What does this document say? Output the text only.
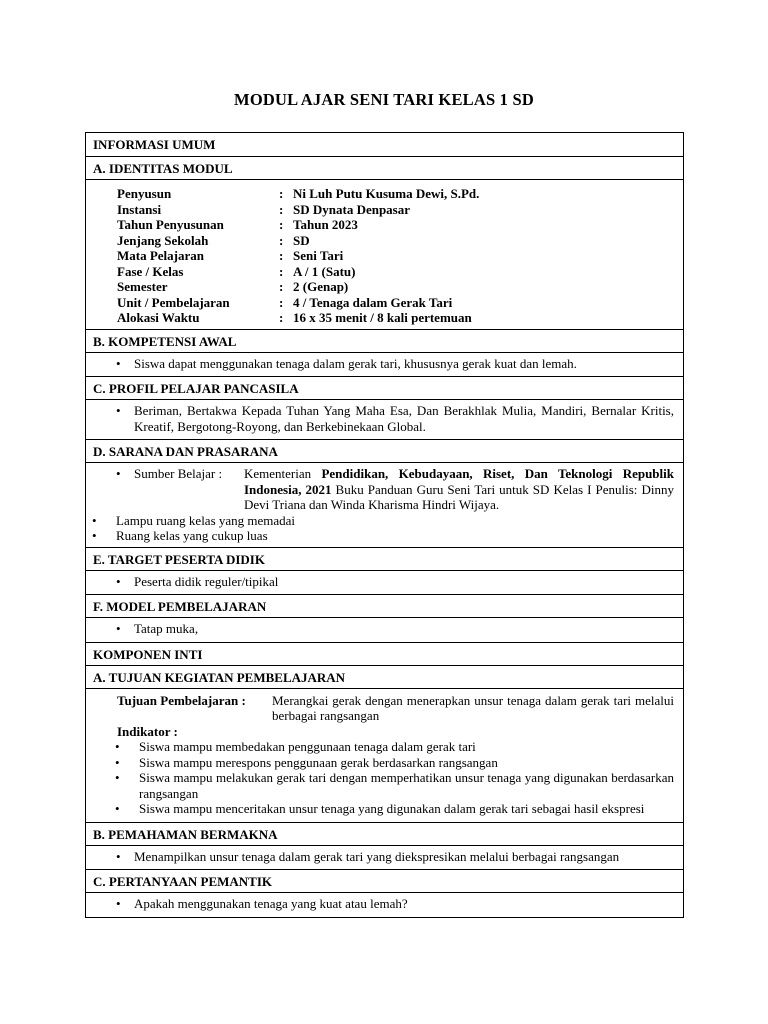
MODUL AJAR SENI TARI KELAS 1 SD
INFORMASI UMUM
A. IDENTITAS MODUL
Penyusun	: Ni Luh Putu Kusuma Dewi, S.Pd.
Instansi	: SD Dynata Denpasar
Tahun Penyusunan	: Tahun 2023
Jenjang Sekolah	: SD
Mata Pelajaran	: Seni Tari
Fase / Kelas	: A / 1 (Satu)
Semester	: 2 (Genap)
Unit / Pembelajaran	: 4 / Tenaga dalam Gerak Tari
Alokasi Waktu	: 16 x 35 menit / 8 kali pertemuan
B. KOMPETENSI AWAL
• Siswa dapat menggunakan tenaga dalam gerak tari, khususnya gerak kuat dan lemah.
C. PROFIL PELAJAR PANCASILA
• Beriman, Bertakwa Kepada Tuhan Yang Maha Esa, Dan Berakhlak Mulia, Mandiri, Bernalar Kritis, Kreatif, Bergotong-Royong, dan Berkebinekaan Global.
D. SARANA DAN PRASARANA
• Sumber Belajar :	Kementerian Pendidikan, Kebudayaan, Riset, Dan Teknologi Republik Indonesia, 2021 Buku Panduan Guru Seni Tari untuk SD Kelas I Penulis: Dinny Devi Triana dan Winda Kharisma Hindri Wijaya.
• Lampu ruang kelas yang memadai
• Ruang kelas yang cukup luas
E. TARGET PESERTA DIDIK
• Peserta didik reguler/tipikal
F. MODEL PEMBELAJARAN
• Tatap muka,
KOMPONEN INTI
A. TUJUAN KEGIATAN PEMBELAJARAN
Tujuan Pembelajaran :	Merangkai gerak dengan menerapkan unsur tenaga dalam gerak tari melalui berbagai rangsangan
Indikator :
• Siswa mampu membedakan penggunaan tenaga dalam gerak tari
• Siswa mampu merespons penggunaan gerak berdasarkan rangsangan
• Siswa mampu melakukan gerak tari dengan memperhatikan unsur tenaga yang digunakan berdasarkan rangsangan
• Siswa mampu menceritakan unsur tenaga yang digunakan dalam gerak tari sebagai hasil ekspresi
B. PEMAHAMAN BERMAKNA
• Menampilkan unsur tenaga dalam gerak tari yang diekspresikan melalui berbagai rangsangan
C. PERTANYAAN PEMANTIK
• Apakah menggunakan tenaga yang kuat atau lemah?
